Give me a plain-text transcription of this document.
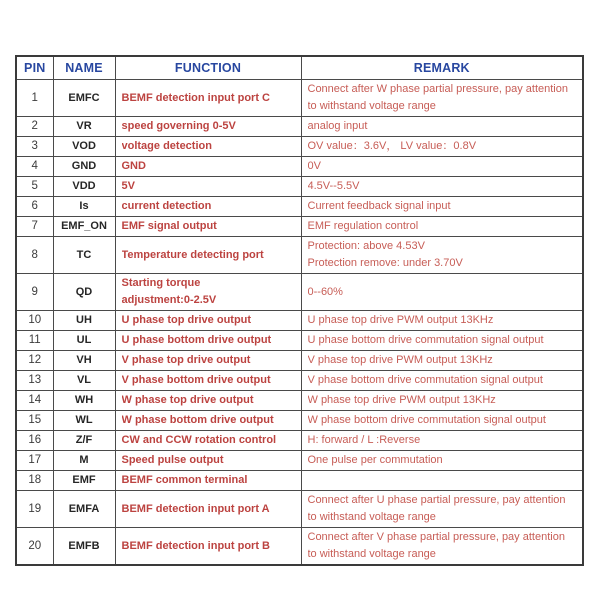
PIN	NAME	FUNCTION	REMARK
1	EMFC	BEMF detection input port C	Connect after W phase partial pressure, pay attention
to withstand voltage range

2	VR	speed governing 0-5V	analog input

3	VOD	voltage detection	OV value：3.6V， LV value：0.8V

4	GND	GND	0V

5	VDD	5V	4.5V--5.5V

6	Is	current detection	Current feedback signal input

7	EMF_ON	EMF signal output	EMF regulation control

8	TC	Temperature detecting port	Protection: above 4.53V
Protection remove: under 3.70V

9	QD	Starting torque
adjustment:0-2.5V	0--60%

10	UH	U phase top drive output	U phase top drive PWM output 13KHz

11	UL	U phase bottom drive output	U phase bottom drive commutation signal output

12	VH	V phase top drive output	V phase top drive PWM output 13KHz

13	VL	V phase bottom drive output	V phase bottom drive commutation signal output

14	WH	W phase top drive output	W phase top drive PWM output 13KHz

15	WL	W phase bottom drive output	W phase bottom drive commutation signal output

16	Z/F	CW and CCW rotation control	H: forward / L :Reverse

17	M	Speed pulse output	One pulse per commutation

18	EMF	BEMF common terminal	

19	EMFA	BEMF detection input port A	Connect after U phase partial pressure, pay attention
to withstand voltage range

20	EMFB	BEMF detection input port B	Connect after V phase partial pressure, pay attention
to withstand voltage range
